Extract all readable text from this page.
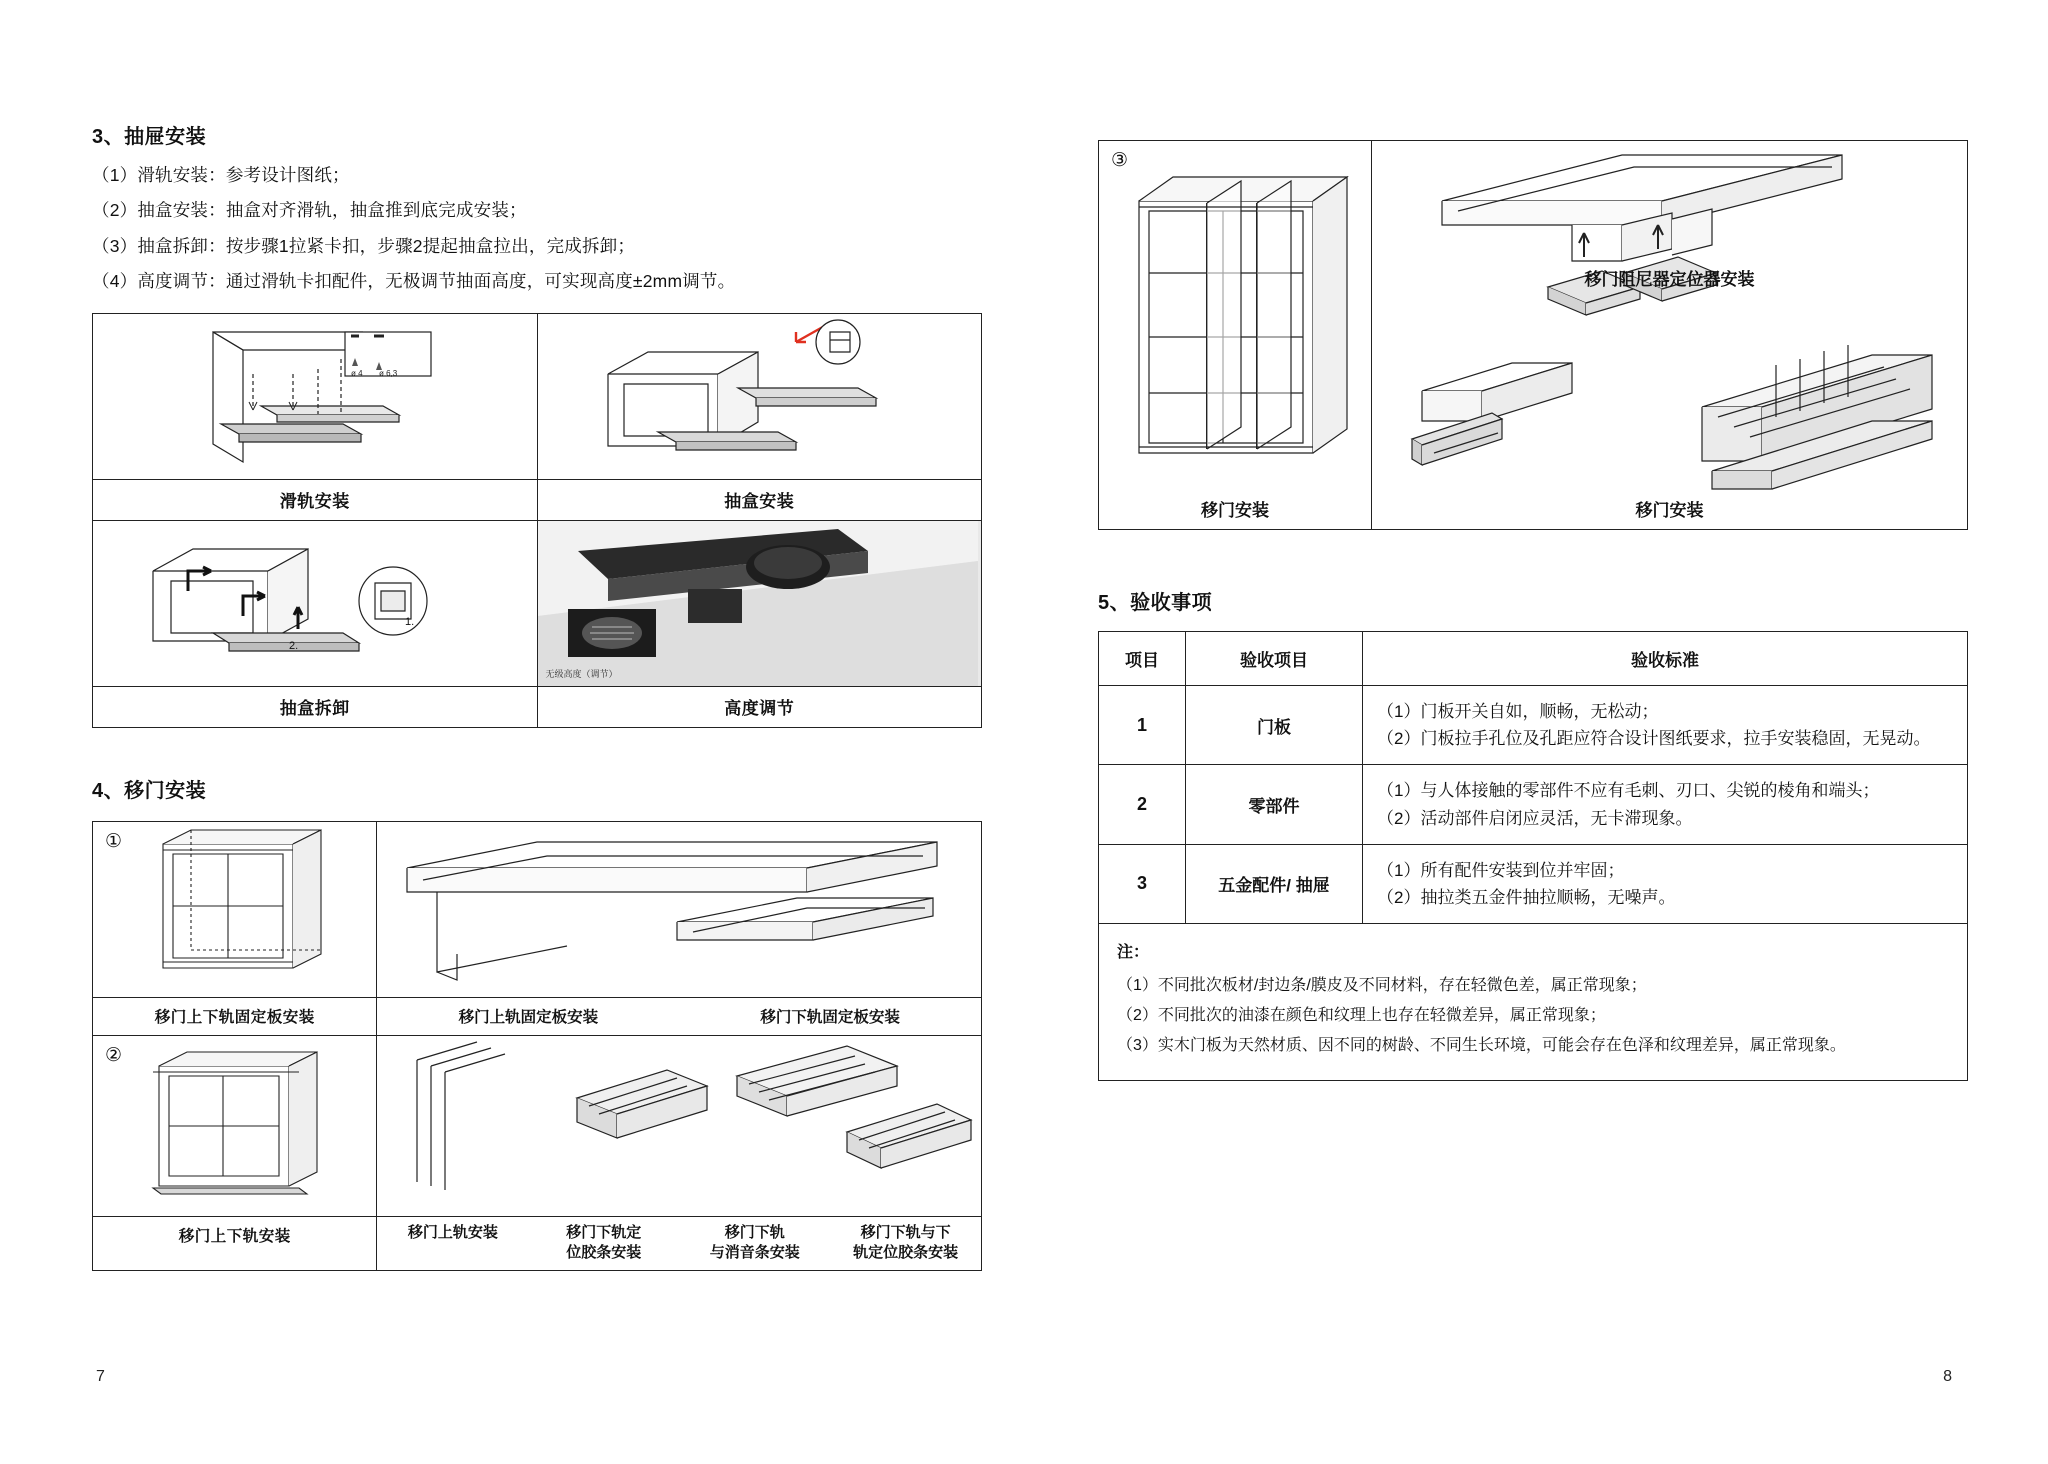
3、抽屉安装

（1）滑轨安装：参考设计图纸；

（2）抽盒安装：抽盒对齐滑轨，抽盒推到底完成安装；

（3）抽盒拆卸：按步骤1拉紧卡扣，步骤2提起抽盒拉出，完成拆卸；

（4）高度调节：通过滑轨卡扣配件，无极调节抽面高度，可实现高度±2mm调节。

ø 4 ø 6,3
滑轨安装	抽盒安装

1.
2.
抽盒拆卸

无级高度（调节）
高度调节
4、移门安装
①
移门上下轨固定板安装	移门上轨固定板安装	移门下轨固定板安装

②
移门上下轨安装	移门上轨安装	移门下轨定
位胶条安装
移门下轨
与消音条安装
移门下轨与下
轨定位胶条安装
③
移门安装
移门阻尼器定位器安装
移门安装
5、验收事项
项目	验收项目	验收标准
1	门板	（1）门板开关自如，顺畅，无松动；
（2）门板拉手孔位及孔距应符合设计图纸要求，拉手安装稳固，无晃动。

2	零部件	（1）与人体接触的零部件不应有毛刺、刃口、尖锐的棱角和端头；
（2）活动部件启闭应灵活，无卡滞现象。

3	五金配件/ 抽屉	（1）所有配件安装到位并牢固；
（2）抽拉类五金件抽拉顺畅，无噪声。
注：
（1）不同批次板材/封边条/膜皮及不同材料，存在轻微色差，属正常现象；
（2）不同批次的油漆在颜色和纹理上也存在轻微差异，属正常现象；
（3）实木门板为天然材质、因不同的树龄、不同生长环境，可能会存在色泽和纹理差异，属正常现象。
7	8
